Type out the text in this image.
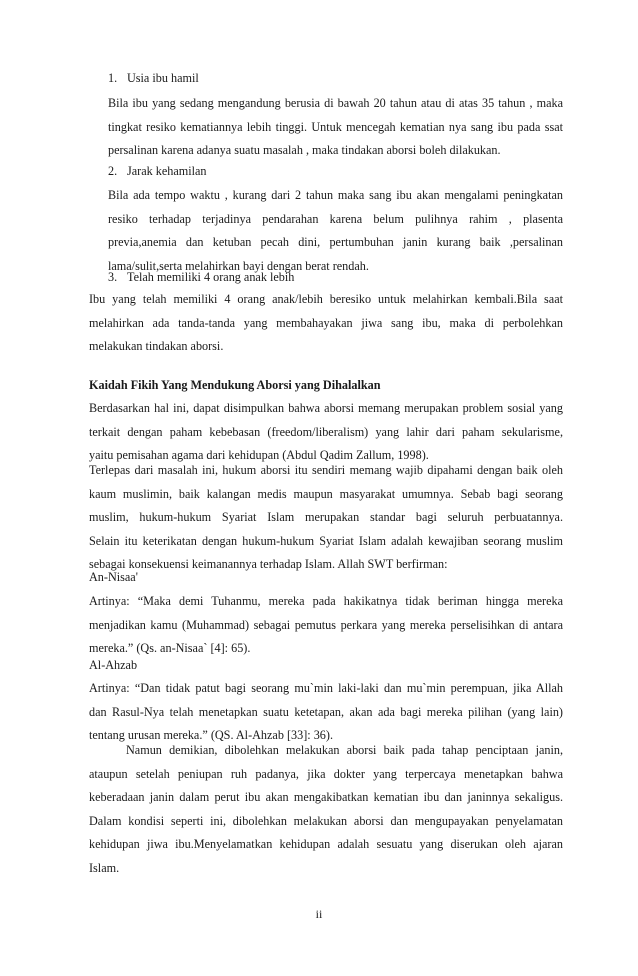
1. Usia ibu hamil
Bila ibu yang sedang mengandung berusia di bawah 20 tahun atau di atas 35 tahun , maka
tingkat resiko kematiannya lebih tinggi. Untuk mencegah kematian nya sang ibu pada ssat
persalinan karena adanya suatu masalah , maka tindakan aborsi boleh dilakukan.
2. Jarak kehamilan
Bila ada tempo waktu , kurang dari 2 tahun maka sang ibu akan mengalami peningkatan
resiko terhadap terjadinya pendarahan karena belum pulihnya rahim , plasenta
previa,anemia dan ketuban pecah dini, pertumbuhan janin kurang baik ,persalinan
lama/sulit,serta melahirkan bayi dengan berat rendah.
3. Telah memiliki 4 orang anak lebih
Ibu yang telah memiliki 4 orang anak/lebih beresiko untuk melahirkan kembali.Bila saat
melahirkan ada tanda-tanda yang membahayakan jiwa sang ibu, maka di perbolehkan
melakukan tindakan aborsi.
Kaidah Fikih Yang Mendukung Aborsi yang Dihalalkan
Berdasarkan hal ini, dapat disimpulkan bahwa aborsi memang merupakan problem sosial yang
terkait dengan paham kebebasan (freedom/liberalism) yang lahir dari paham sekularisme,
yaitu pemisahan agama dari kehidupan (Abdul Qadim Zallum, 1998).
Terlepas dari masalah ini, hukum aborsi itu sendiri memang wajib dipahami dengan baik oleh
kaum muslimin, baik kalangan medis maupun masyarakat umumnya. Sebab bagi seorang
muslim, hukum-hukum Syariat Islam merupakan standar bagi seluruh perbuatannya.
Selain itu keterikatan dengan hukum-hukum Syariat Islam adalah kewajiban seorang muslim
sebagai konsekuensi keimanannya terhadap Islam. Allah SWT berfirman:
An-Nisaa'
Artinya: “Maka demi Tuhanmu, mereka pada hakikatnya tidak beriman hingga mereka
menjadikan kamu (Muhammad) sebagai pemutus perkara yang mereka perselisihkan di antara
mereka.” (Qs. an-Nisaa` [4]: 65).
Al-Ahzab
Artinya: “Dan tidak patut bagi seorang mu`min laki-laki dan mu`min perempuan, jika Allah
dan Rasul-Nya telah menetapkan suatu ketetapan, akan ada bagi mereka pilihan (yang lain)
tentang urusan mereka.” (QS. Al-Ahzab [33]: 36).
Namun demikian, dibolehkan melakukan aborsi baik pada tahap penciptaan janin,
ataupun setelah peniupan ruh padanya, jika dokter yang terpercaya menetapkan bahwa
keberadaan janin dalam perut ibu akan mengakibatkan kematian ibu dan janinnya sekaligus.
Dalam kondisi seperti ini, dibolehkan melakukan aborsi dan mengupayakan penyelamatan
kehidupan jiwa ibu.Menyelamatkan kehidupan adalah sesuatu yang diserukan oleh ajaran
Islam.
ii
